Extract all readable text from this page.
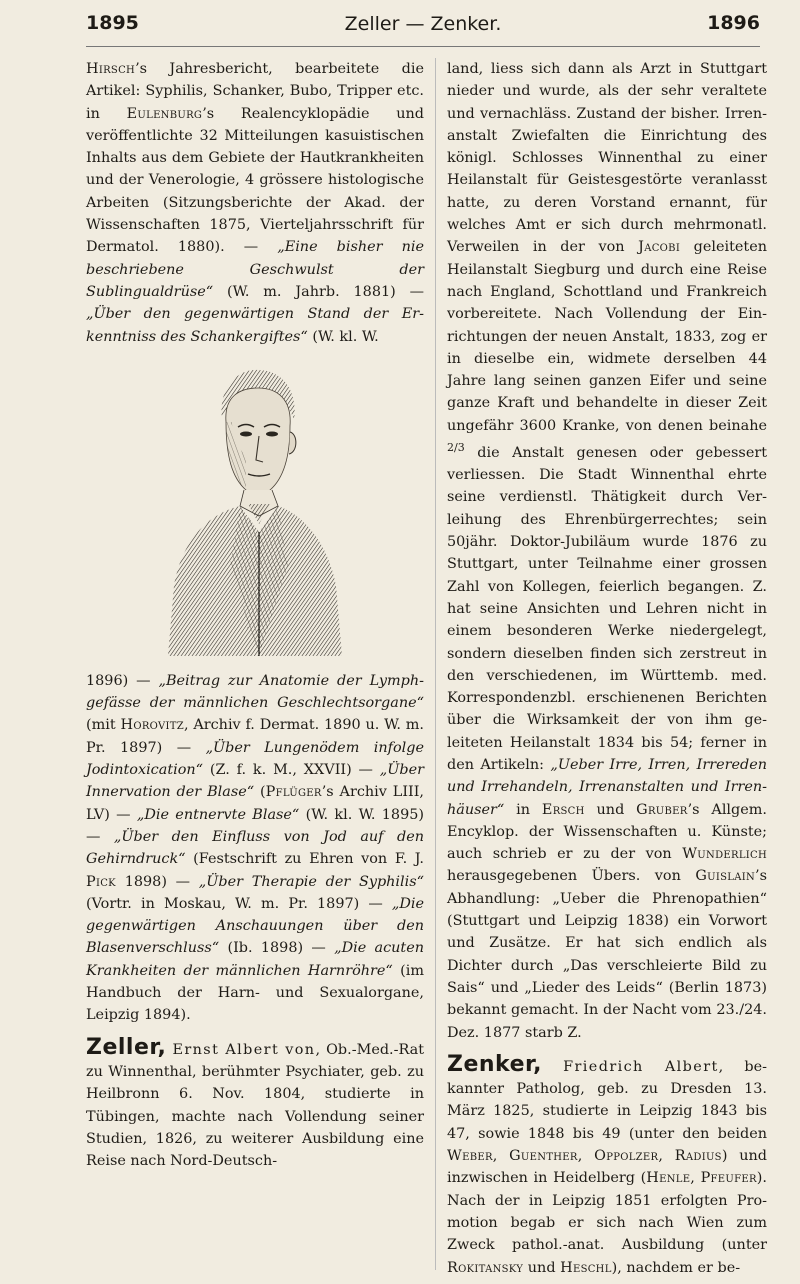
1895	Zeller — Zenker.	1896

Hirsch’s Jahresbericht, bearbeitete die Artikel: Syphilis, Schanker, Bubo, Tripper etc. in Eulenburg’s Realencyklopädie und veröffentlichte 32 Mitteilungen kasuistischen Inhalts aus dem Gebiete der Hautkrankheiten und der Venerologie, 4 grössere histologische Arbeiten (Sitzungsberichte der Akad. der Wissenschaften 1875, Vierteljahrsschrift für Dermatol. 1880). — „Eine bisher nie beschriebene Geschwulst der Sublingualdrüse“ (W. m. Jahrb. 1881) — „Über den gegenwärtigen Stand der Erkenntniss des Schankergiftes“ (W. kl. W.

1896) — „Beitrag zur Anatomie der Lymphgefässe der männlichen Geschlechtsorgane“ (mit Horovitz, Archiv f. Dermat. 1890 u. W. m. Pr. 1897) — „Über Lungenödem infolge Jodintoxication“ (Z. f. k. M., XXVII) — „Über Innervation der Blase“ (Pflüger’s Archiv LIII, LV) — „Die entnervte Blase“ (W. kl. W. 1895) — „Über den Einfluss von Jod auf den Gehirndruck“ (Festschrift zu Ehren von F. J. Pick 1898) — „Über Therapie der Syphilis“ (Vortr. in Moskau, W. m. Pr. 1897) — „Die gegenwärtigen Anschauungen über den Blasenverschluss“ (Ib. 1898) — „Die acuten Krankheiten der männlichen Harnröhre“ (im Handbuch der Harn- und Sexualorgane, Leipzig 1894).

Zeller, Ernst Albert von, Ob.-Med.-Rat zu Winnenthal, berühmter Psychiater, geb. zu Heilbronn 6. Nov. 1804, studierte in Tübingen, machte nach Vollendung seiner Studien, 1826, zu weiterer Ausbildung eine Reise nach Nord-Deutsch-

land, liess sich dann als Arzt in Stuttgart nieder und wurde, als der sehr veraltete und vernachläss. Zustand der bisher. Irrenanstalt Zwiefalten die Einrichtung des königl. Schlosses Winnenthal zu einer Heilanstalt für Geistesgestörte veranlasst hatte, zu deren Vorstand ernannt, für welches Amt er sich durch mehrmonatl. Verweilen in der von Jacobi geleiteten Heilanstalt Siegburg und durch eine Reise nach England, Schottland und Frankreich vorbereitete. Nach Vollendung der Einrichtungen der neuen Anstalt, 1833, zog er in dieselbe ein, widmete derselben 44 Jahre lang seinen ganzen Eifer und seine ganze Kraft und behandelte in dieser Zeit ungefähr 3600 Kranke, von denen beinahe $^{2/3}$ die Anstalt genesen oder gebessert verliessen. Die Stadt Winnenthal ehrte seine verdienstl. Thätigkeit durch Verleihung des Ehrenbürgerrechtes; sein 50jähr. Doktor-Jubiläum wurde 1876 zu Stuttgart, unter Teilnahme einer grossen Zahl von Kollegen, feierlich begangen. Z. hat seine Ansichten und Lehren nicht in einem besonderen Werke niedergelegt, sondern dieselben finden sich zerstreut in den verschiedenen, im Württemb. med. Korrespondenzbl. erschienenen Berichten über die Wirksamkeit der von ihm geleiteten Heilanstalt 1834 bis 54; ferner in den Artikeln: „Ueber Irre, Irren, Irrereden und Irrehandeln, Irrenanstalten und Irrenhäuser“ in Ersch und Gruber’s Allgem. Encyklop. der Wissenschaften u. Künste; auch schrieb er zu der von Wunderlich herausgegebenen Übers. von Guislain’s Abhandlung: „Ueber die Phrenopathien“ (Stuttgart und Leipzig 1838) ein Vorwort und Zusätze. Er hat sich endlich als Dichter durch „Das verschleierte Bild zu Sais“ und „Lieder des Leids“ (Berlin 1873) bekannt gemacht. In der Nacht vom 23./24. Dez. 1877 starb Z.

Zenker, Friedrich Albert, bekannter Patholog, geb. zu Dresden 13. März 1825, studierte in Leipzig 1843 bis 47, sowie 1848 bis 49 (unter den beiden Weber, Guenther, Oppolzer, Radius) und inzwischen in Heidelberg (Henle, Pfeufer). Nach der in Leipzig 1851 erfolgten Promotion begab er sich nach Wien zum Zweck pathol.-anat. Ausbildung (unter Rokitansky und Heschl), nachdem er be-
